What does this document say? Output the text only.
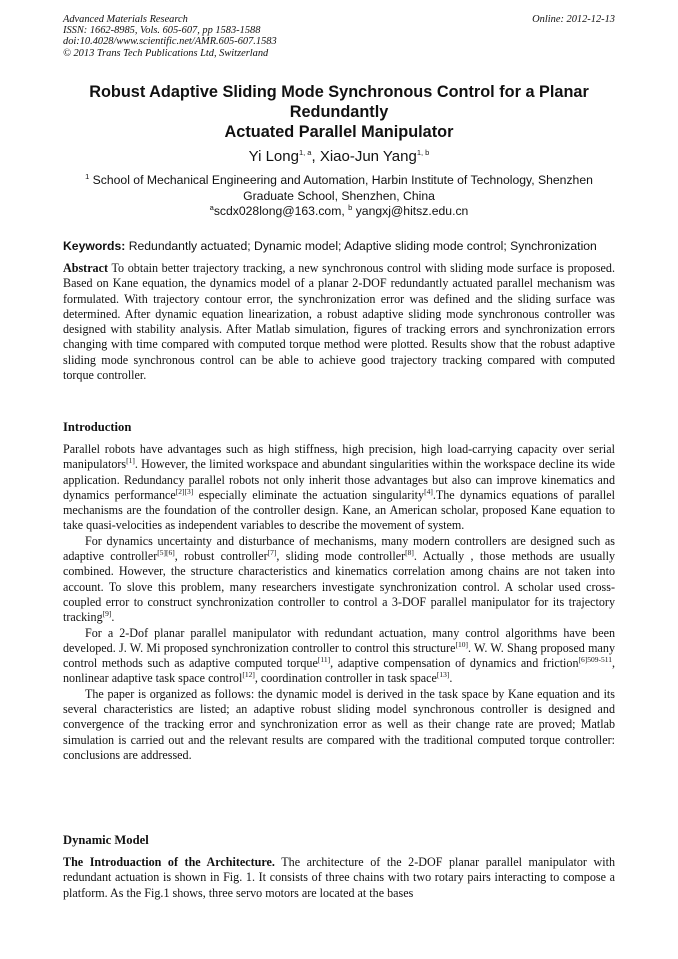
Advanced Materials Research
ISSN: 1662-8985, Vols. 605-607, pp 1583-1588
doi:10.4028/www.scientific.net/AMR.605-607.1583
© 2013 Trans Tech Publications Ltd, Switzerland
Online: 2012-12-13
Robust Adaptive Sliding Mode Synchronous Control for a Planar
Redundantly
Actuated Parallel Manipulator
Yi Long$^{1, a}$, Xiao-Jun Yang$^{1, b}$
$^1$ School of Mechanical Engineering and Automation, Harbin Institute of Technology, Shenzhen
Graduate School, Shenzhen, China
$^a$scdx028long@163.com, $^b$ yangxj@hitsz.edu.cn
Keywords: Redundantly actuated; Dynamic model; Adaptive sliding mode control; Synchronization
Abstract To obtain better trajectory tracking, a new synchronous control with sliding mode surface is proposed. Based on Kane equation, the dynamics model of a planar 2-DOF redundantly actuated parallel mechanism was formulated. With trajectory contour error, the synchronization error was defined and the sliding surface was determined. After dynamic equation linearization, a robust adaptive sliding mode synchronous controller was designed with stability analysis. After Matlab simulation, figures of tracking errors and synchronization errors changing with time compared with computed torque method were plotted. Results show that the robust adaptive sliding mode synchronous control can be able to achieve good trajectory tracking compared with computed torque controller.
Introduction

Parallel robots have advantages such as high stiffness, high precision, high load-carrying capacity over serial manipulators[1]. However, the limited workspace and abundant singularities within the workspace decline its wide application. Redundancy parallel robots not only inherit those advantages but also can improve kinematics and dynamics performance[2][3] especially eliminate the actuation singularity[4].The dynamics equations of parallel mechanisms are the foundation of the controller design. Kane, an American scholar, proposed Kane equation to take quasi-velocities as independent variables to describe the movement of system.

For dynamics uncertainty and disturbance of mechanisms, many modern controllers are designed such as adaptive controller[5][6], robust controller[7], sliding mode controller[8]. Actually , those methods are usually combined. However, the structure characteristics and kinematics correlation among chains are not taken into account. To slove this problem, many researchers investigate synchronization control. A scholar used cross-coupled error to construct synchronization controller to control a 3-DOF parallel manipulator for its trajectory tracking[9].

For a 2-Dof planar parallel manipulator with redundant actuation, many control algorithms have been developed. J. W. Mi proposed synchronization controller to control this structure[10]. W. W. Shang proposed many control methods such as adaptive computed torque[11], adaptive compensation of dynamics and friction$^{[6]509-511}$, nonlinear adaptive task space control[12], coordination controller in task space[13].

The paper is organized as follows: the dynamic model is derived in the task space by Kane equation and its several characteristics are listed; an adaptive robust sliding model synchronous controller is designed and convergence of the tracking error and synchronization error as well as their change rate are proved; Matlab simulation is carried out and the relevant results are compared with the traditional computed torque controller: conclusions are addressed.

Dynamic Model
The Introduaction of the Architecture. The architecture of the 2-DOF planar parallel manipulator with redundant actuation is shown in Fig. 1. It consists of three chains with two rotary pairs interacting to compose a platform. As the Fig.1 shows, three servo motors are located at the bases
